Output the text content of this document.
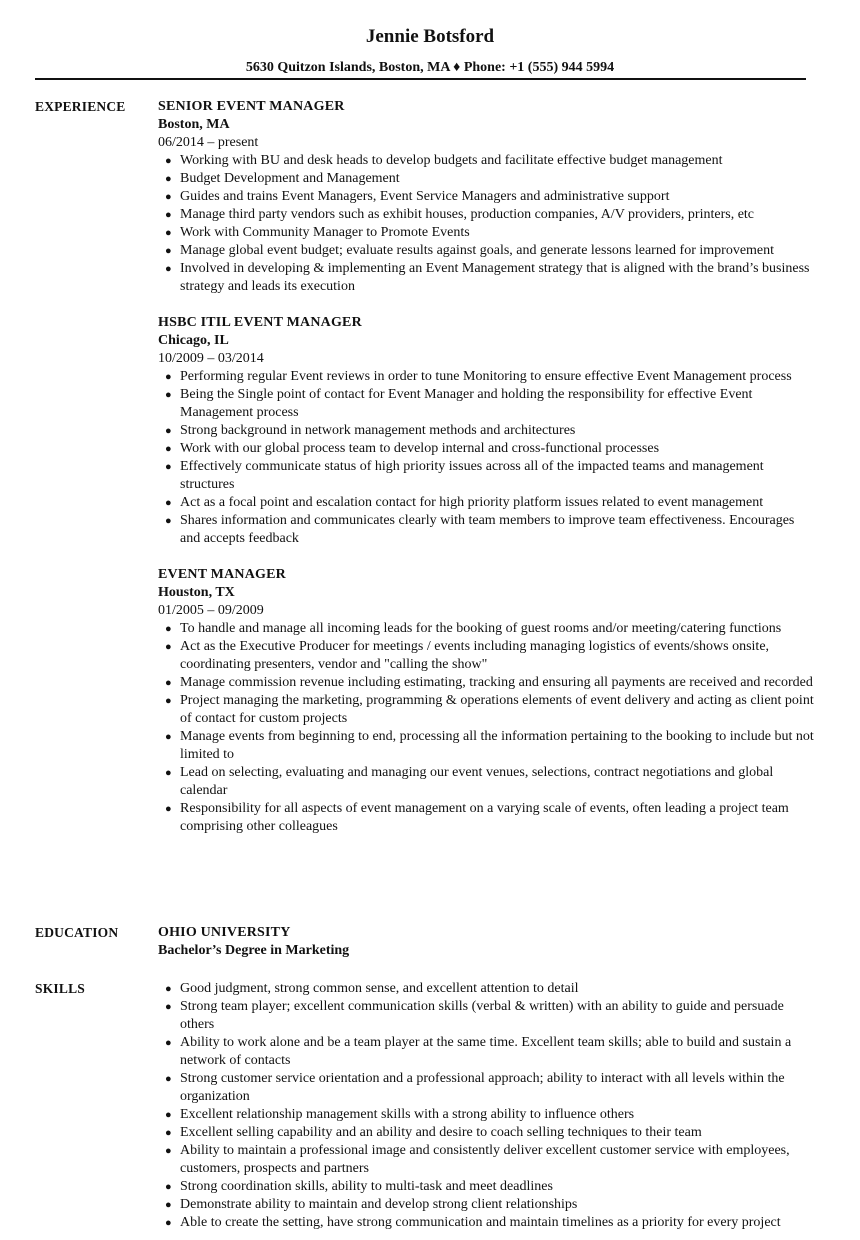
Jennie Botsford
5630 Quitzon Islands, Boston, MA ♦ Phone: +1 (555) 944 5994
EXPERIENCE SENIOR EVENT MANAGER
Boston, MA
06/2014 – present
● Working with BU and desk heads to develop budgets and facilitate effective budget management
● Budget Development and Management
● Guides and trains Event Managers, Event Service Managers and administrative support
● Manage third party vendors such as exhibit houses, production companies, A/V providers, printers, etc
● Work with Community Manager to Promote Events
● Manage global event budget; evaluate results against goals, and generate lessons learned for improvement
● Involved in developing & implementing an Event Management strategy that is aligned with the brand’s business strategy and leads its execution
HSBC ITIL EVENT MANAGER
Chicago, IL
10/2009 – 03/2014
● Performing regular Event reviews in order to tune Monitoring to ensure effective Event Management process
● Being the Single point of contact for Event Manager and holding the responsibility for effective Event Management process
● Strong background in network management methods and architectures
● Work with our global process team to develop internal and cross-functional processes
● Effectively communicate status of high priority issues across all of the impacted teams and management structures
● Act as a focal point and escalation contact for high priority platform issues related to event management
● Shares information and communicates clearly with team members to improve team effectiveness. Encourages and accepts feedback
EVENT MANAGER
Houston, TX
01/2005 – 09/2009
● To handle and manage all incoming leads for the booking of guest rooms and/or meeting/catering functions
● Act as the Executive Producer for meetings / events including managing logistics of events/shows onsite, coordinating presenters, vendor and "calling the show"
● Manage commission revenue including estimating, tracking and ensuring all payments are received and recorded
● Project managing the marketing, programming & operations elements of event delivery and acting as client point of contact for custom projects
● Manage events from beginning to end, processing all the information pertaining to the booking to include but not limited to
● Lead on selecting, evaluating and managing our event venues, selections, contract negotiations and global calendar
● Responsibility for all aspects of event management on a varying scale of events, often leading a project team comprising other colleagues
EDUCATION	OHIO UNIVERSITY
Bachelor’s Degree in Marketing
SKILLS	● Good judgment, strong common sense, and excellent attention to detail
● Strong team player; excellent communication skills (verbal & written) with an ability to guide and persuade others
● Ability to work alone and be a team player at the same time. Excellent team skills; able to build and sustain a network of contacts
● Strong customer service orientation and a professional approach; ability to interact with all levels within the organization
● Excellent relationship management skills with a strong ability to influence others
● Excellent selling capability and an ability and desire to coach selling techniques to their team
● Ability to maintain a professional image and consistently deliver excellent customer service with employees, customers, prospects and partners
● Strong coordination skills, ability to multi-task and meet deadlines
● Demonstrate ability to maintain and develop strong client relationships
● Able to create the setting, have strong communication and maintain timelines as a priority for every project
